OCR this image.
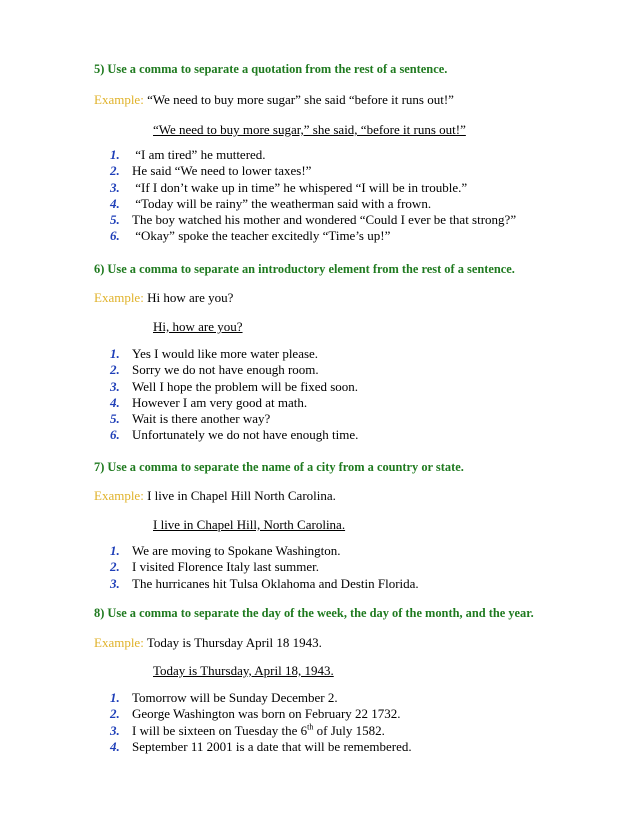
5) Use a comma to separate a quotation from the rest of a sentence.
Example: “We need to buy more sugar” she said “before it runs out!”
“We need to buy more sugar,” she said, “before it runs out!”
1. “I am tired” he muttered.
2. He said “We need to lower taxes!”
3. “If I don’t wake up in time” he whispered “I will be in trouble.”
4. “Today will be rainy” the weatherman said with a frown.
5. The boy watched his mother and wondered “Could I ever be that strong?”
6. “Okay” spoke the teacher excitedly “Time’s up!”
6) Use a comma to separate an introductory element from the rest of a sentence.
Example: Hi how are you?
Hi, how are you?
1. Yes I would like more water please.
2. Sorry we do not have enough room.
3. Well I hope the problem will be fixed soon.
4. However I am very good at math.
5. Wait is there another way?
6. Unfortunately we do not have enough time.
7) Use a comma to separate the name of a city from a country or state.
Example: I live in Chapel Hill North Carolina.
I live in Chapel Hill, North Carolina.
1. We are moving to Spokane Washington.
2. I visited Florence Italy last summer.
3. The hurricanes hit Tulsa Oklahoma and Destin Florida.
8) Use a comma to separate the day of the week, the day of the month, and the year.
Example: Today is Thursday April 18 1943.
Today is Thursday, April 18, 1943.
1. Tomorrow will be Sunday December 2.
2. George Washington was born on February 22 1732.
3. I will be sixteen on Tuesday the 6th of July 1582.
4. September 11 2001 is a date that will be remembered.
